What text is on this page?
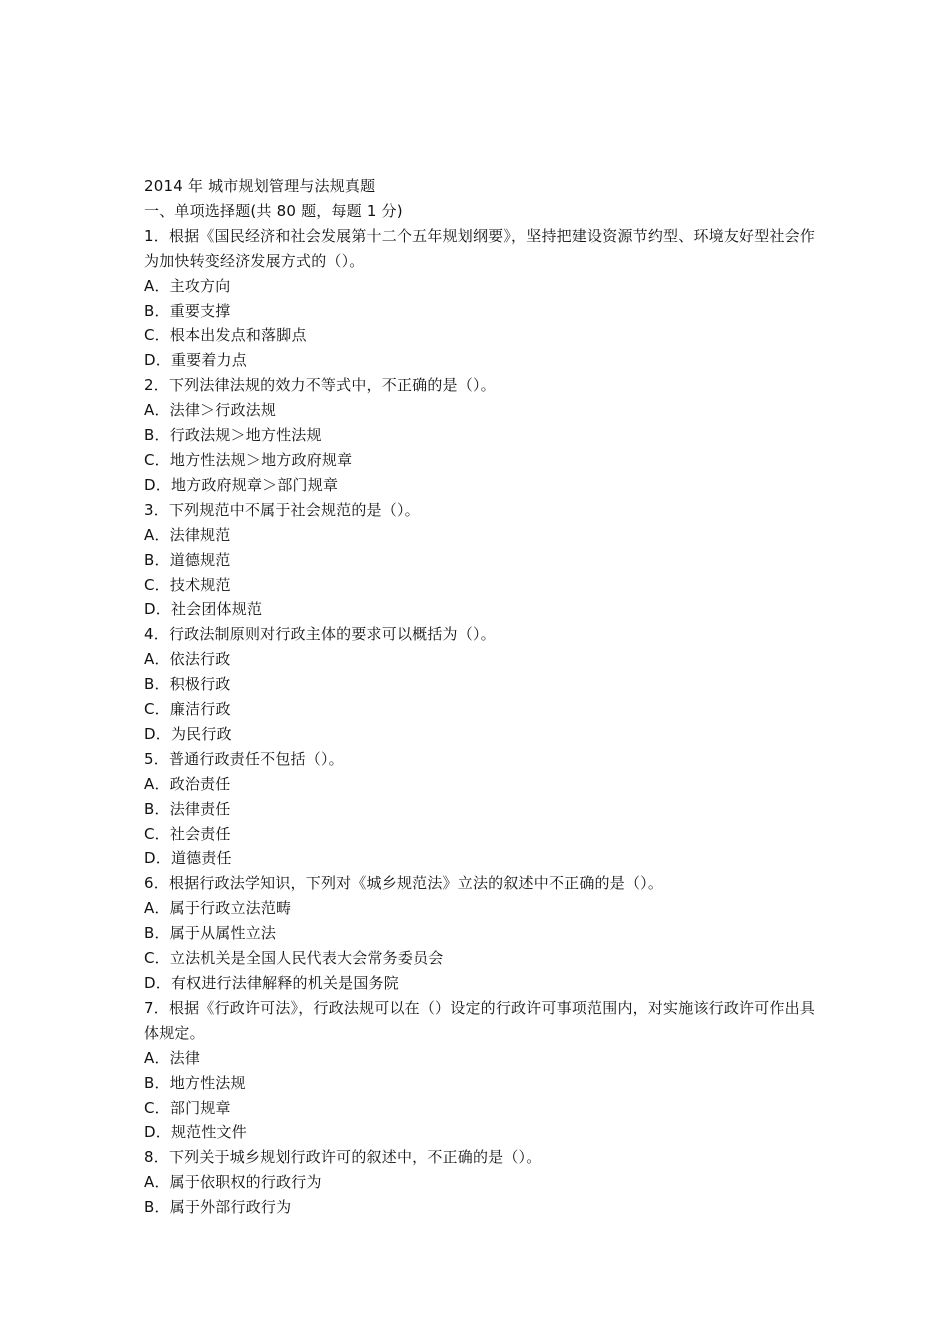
2014 年 城市规划管理与法规真题
一、单项选择题(共 80 题，每题 1 分)
1．根据《国民经济和社会发展第十二个五年规划纲要》，坚持把建设资源节约型、环境友好型社会作为加快转变经济发展方式的（）。
A．主攻方向
B．重要支撑
C．根本出发点和落脚点
D．重要着力点
2．下列法律法规的效力不等式中，不正确的是（）。
A．法律＞行政法规
B．行政法规＞地方性法规
C．地方性法规＞地方政府规章
D．地方政府规章＞部门规章
3．下列规范中不属于社会规范的是（）。
A．法律规范
B．道德规范
C．技术规范
D．社会团体规范
4．行政法制原则对行政主体的要求可以概括为（）。
A．依法行政
B．积极行政
C．廉洁行政
D．为民行政
5．普通行政责任不包括（）。
A．政治责任
B．法律责任
C．社会责任
D．道德责任
6．根据行政法学知识，下列对《城乡规范法》立法的叙述中不正确的是（）。
A．属于行政立法范畴
B．属于从属性立法
C．立法机关是全国人民代表大会常务委员会
D．有权进行法律解释的机关是国务院
7．根据《行政许可法》，行政法规可以在（）设定的行政许可事项范围内，对实施该行政许可作出具体规定。
A．法律
B．地方性法规
C．部门规章
D．规范性文件
8．下列关于城乡规划行政许可的叙述中，不正确的是（）。
A．属于依职权的行政行为
B．属于外部行政行为
